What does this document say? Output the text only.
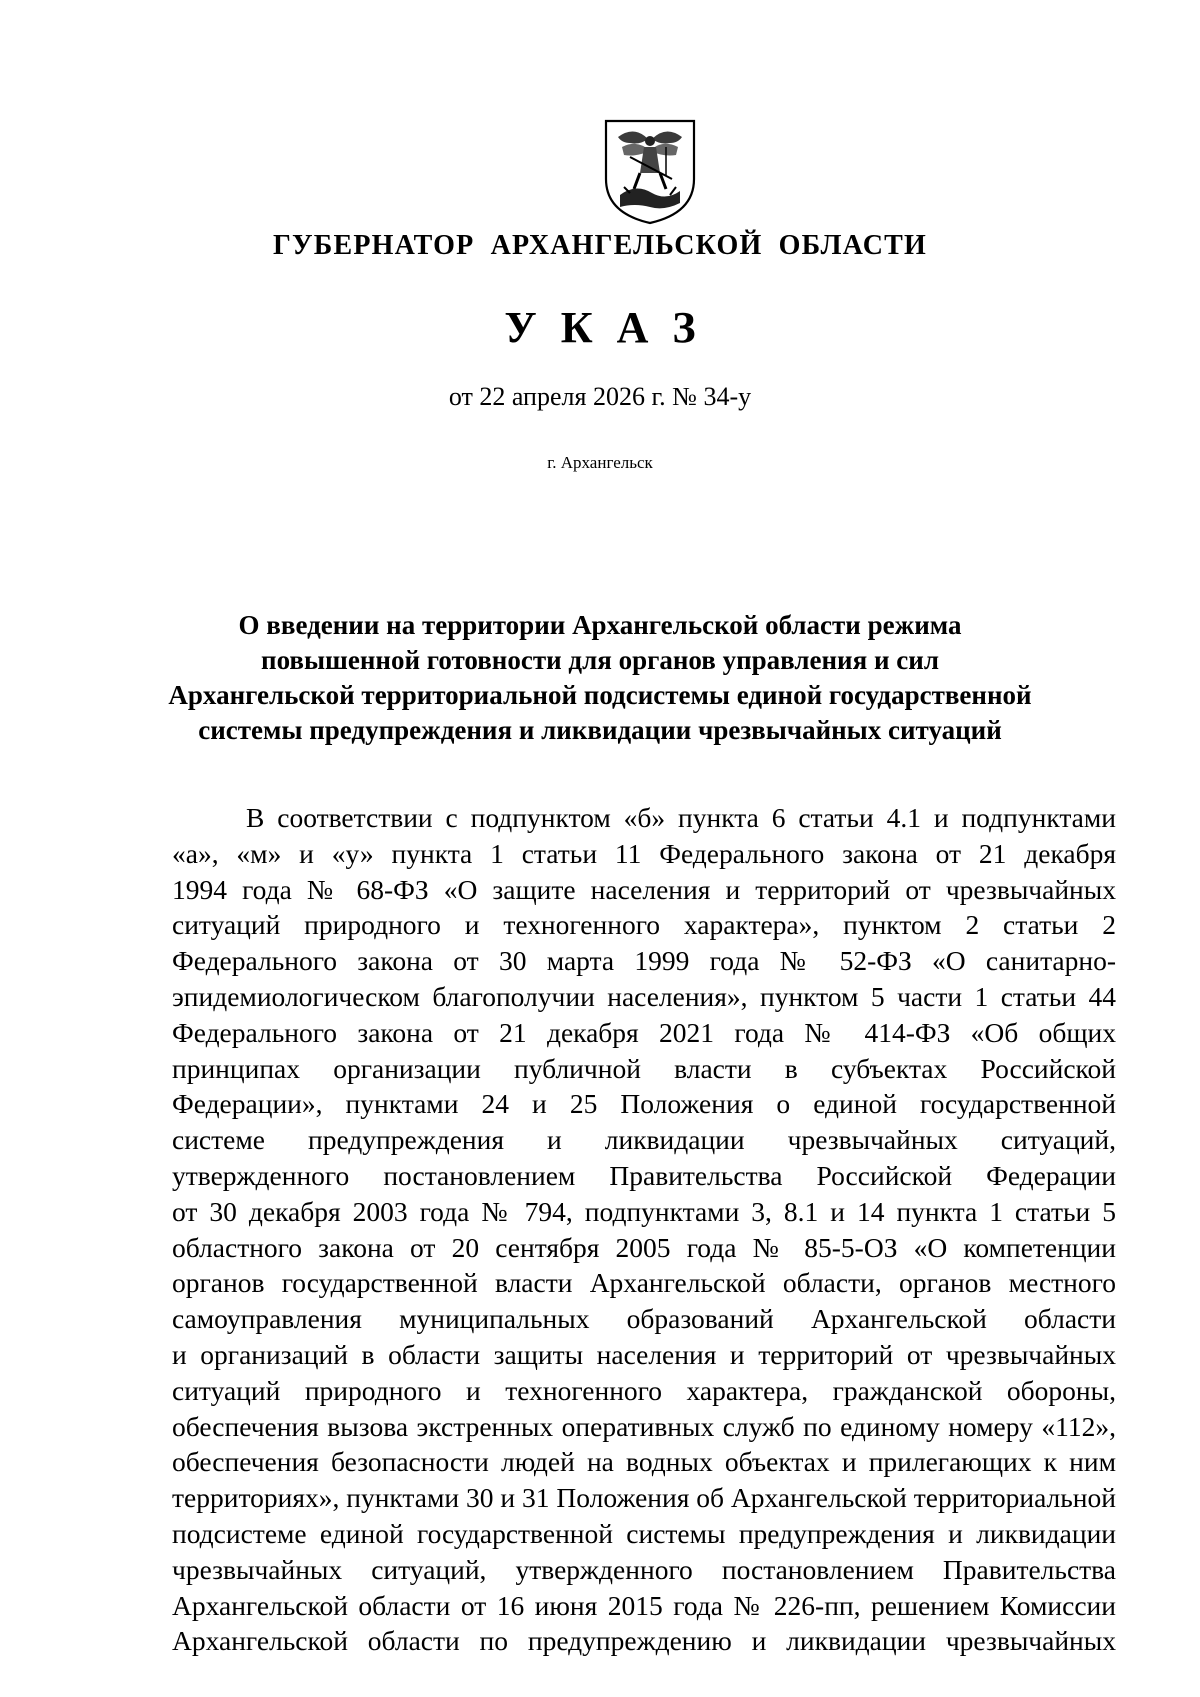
ГУБЕРНАТОР АРХАНГЕЛЬСКОЙ ОБЛАСТИ
У К А З
от 22 апреля 2026 г. № 34-у
г. Архангельск
О введении на территории Архангельской области режима
повышенной готовности для органов управления и сил
Архангельской территориальной подсистемы единой государственной
системы предупреждения и ликвидации чрезвычайных ситуаций
В соответствии с подпунктом «б» пункта 6 статьи 4.1 и подпунктами
«а», «м» и «у» пункта 1 статьи 11 Федерального закона от 21 декабря
1994 года № 68-ФЗ «О защите населения и территорий от чрезвычайных
ситуаций природного и техногенного характера», пунктом 2 статьи 2
Федерального закона от 30 марта 1999 года № 52-ФЗ «О санитарно-
эпидемиологическом благополучии населения», пунктом 5 части 1 статьи 44
Федерального закона от 21 декабря 2021 года № 414-ФЗ «Об общих
принципах организации публичной власти в субъектах Российской
Федерации», пунктами 24 и 25 Положения о единой государственной
системе предупреждения и ликвидации чрезвычайных ситуаций,
утвержденного постановлением Правительства Российской Федерации
от 30 декабря 2003 года № 794, подпунктами 3, 8.1 и 14 пункта 1 статьи 5
областного закона от 20 сентября 2005 года № 85-5-ОЗ «О компетенции
органов государственной власти Архангельской области, органов местного
самоуправления муниципальных образований Архангельской области
и организаций в области защиты населения и территорий от чрезвычайных
ситуаций природного и техногенного характера, гражданской обороны,
обеспечения вызова экстренных оперативных служб по единому номеру «112»,
обеспечения безопасности людей на водных объектах и прилегающих к ним
территориях», пунктами 30 и 31 Положения об Архангельской территориальной
подсистеме единой государственной системы предупреждения и ликвидации
чрезвычайных ситуаций, утвержденного постановлением Правительства
Архангельской области от 16 июня 2015 года № 226-пп, решением Комиссии
Архангельской области по предупреждению и ликвидации чрезвычайных
